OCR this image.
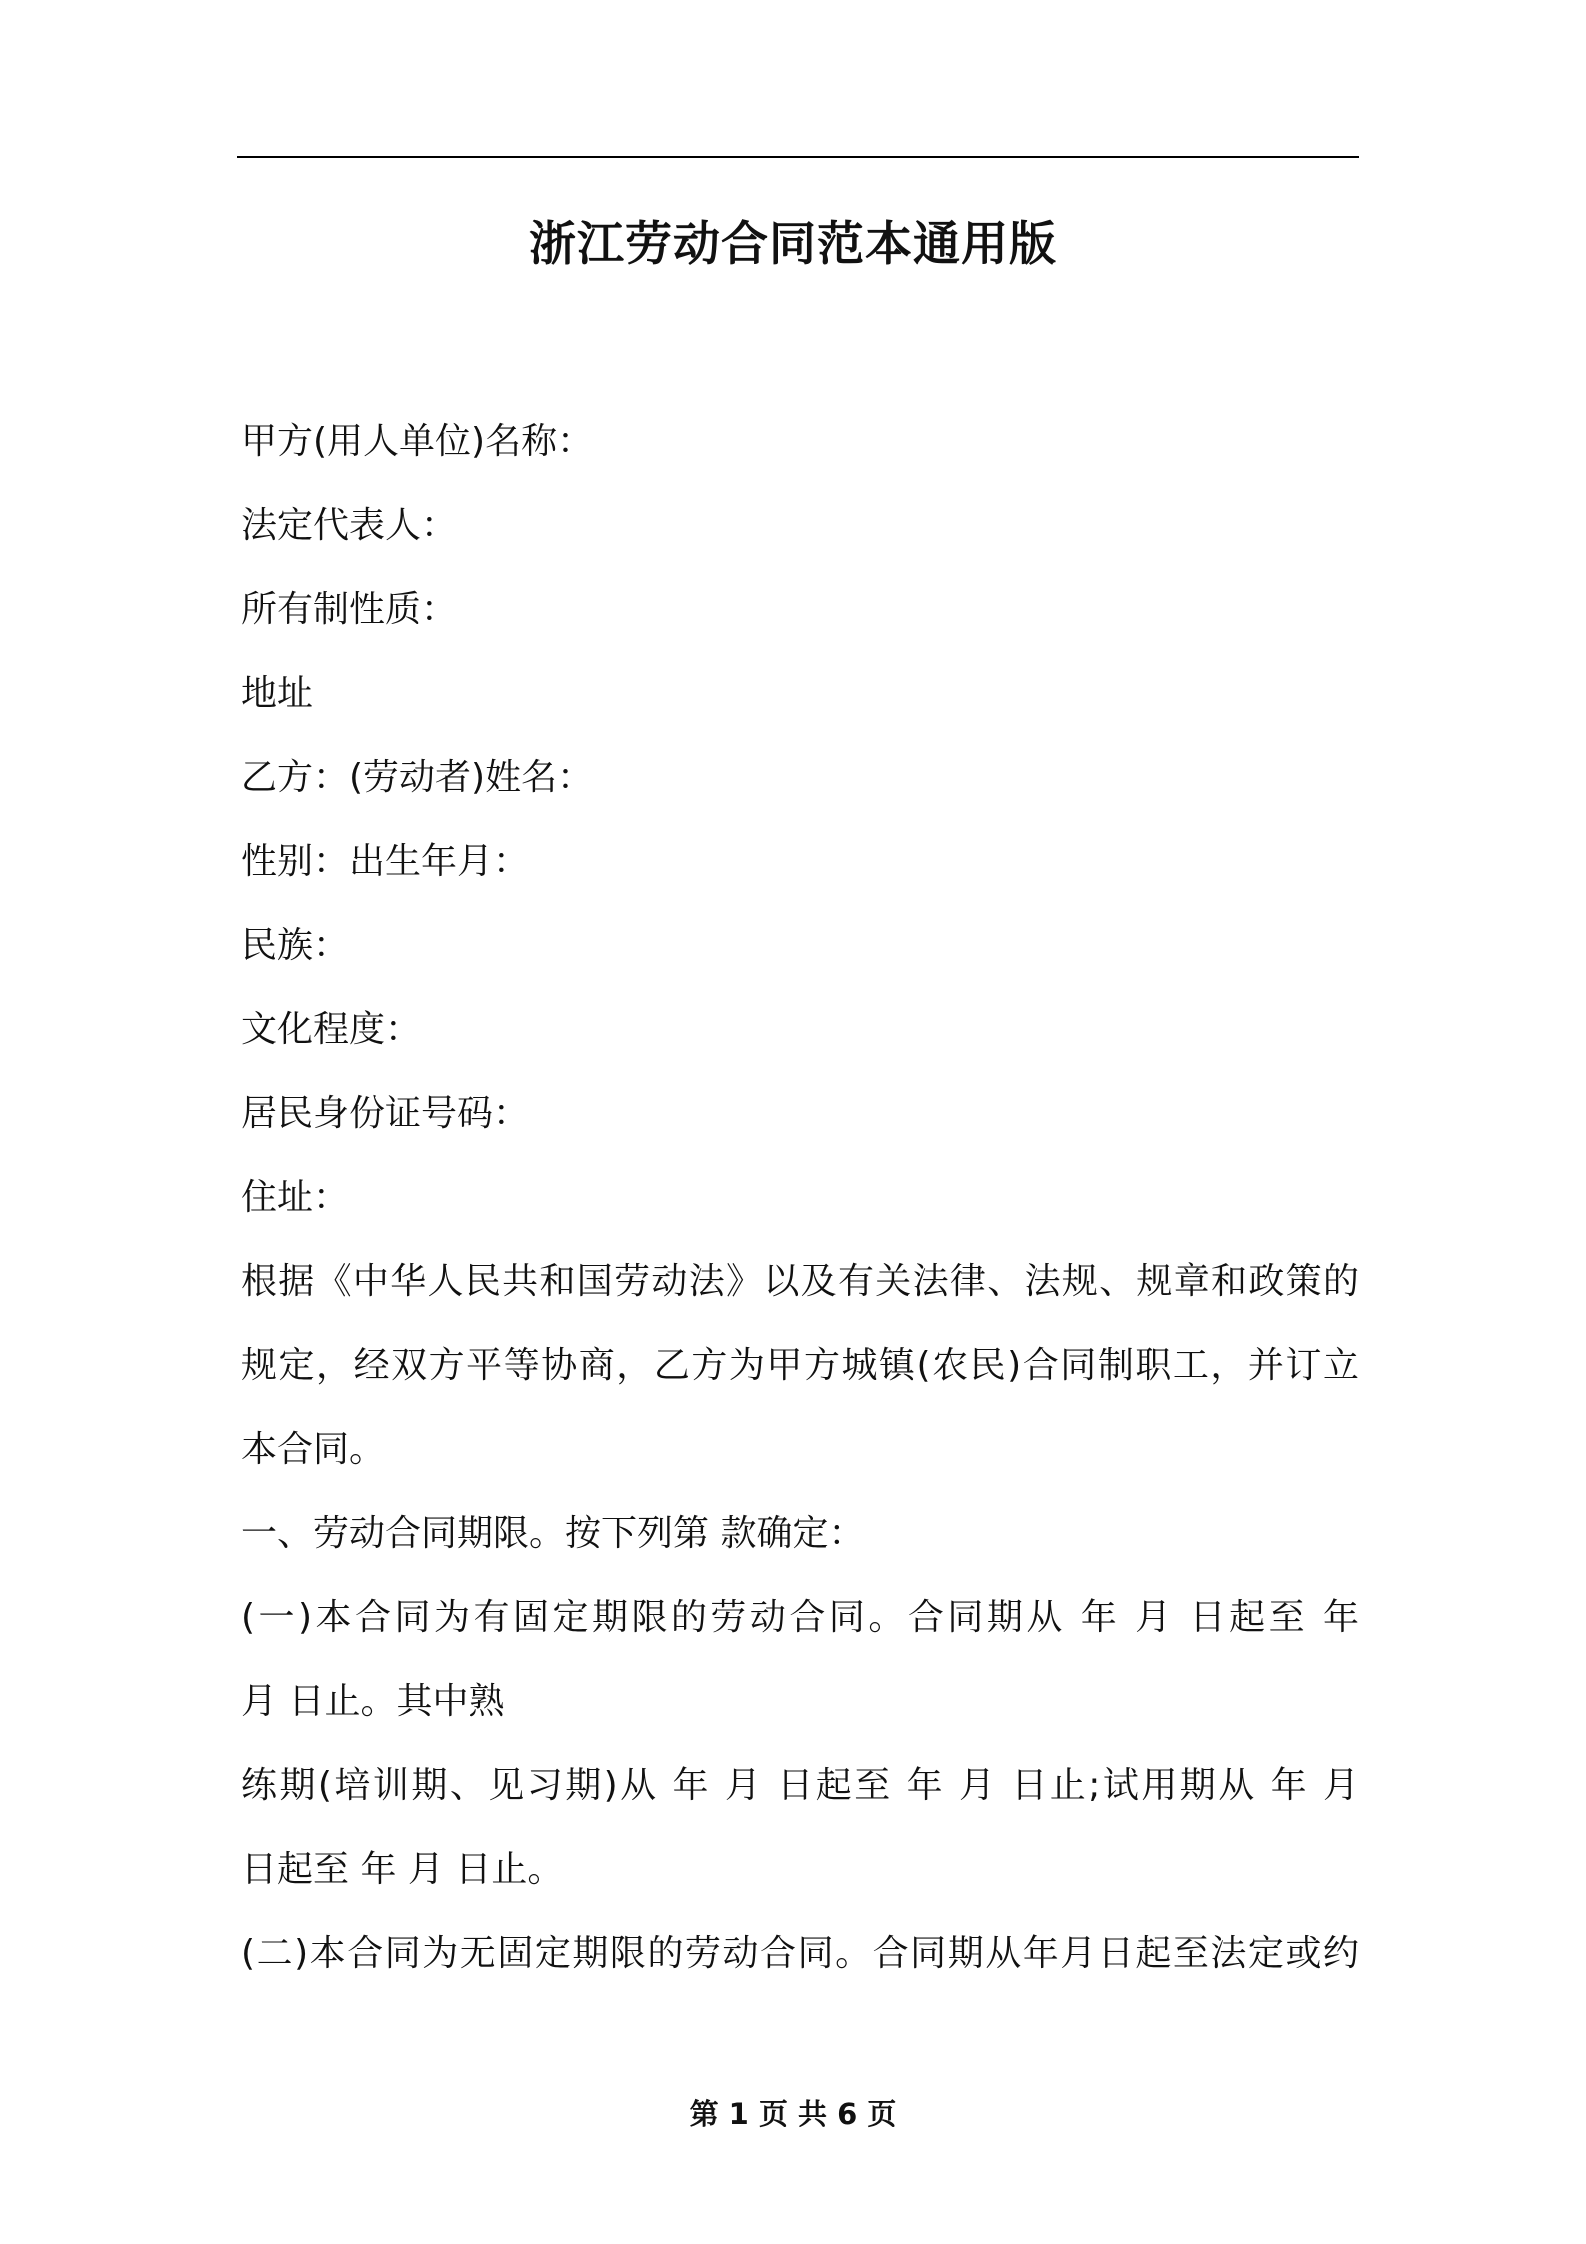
浙江劳动合同范本通用版
甲方(用人单位)名称：
法定代表人：
所有制性质：
地址
乙方：(劳动者)姓名：
性别：出生年月：
民族：
文化程度：
居民身份证号码：
住址：
根据《中华人民共和国劳动法》以及有关法律、法规、规章和政策的
规定，经双方平等协商，乙方为甲方城镇(农民)合同制职工，并订立
本合同。
一、劳动合同期限。按下列第 款确定：
(一)本合同为有固定期限的劳动合同。合同期从 年 月 日起至 年
月 日止。其中熟
练期(培训期、见习期)从 年 月 日起至 年 月 日止;试用期从 年 月
日起至 年 月 日止。
(二)本合同为无固定期限的劳动合同。合同期从年月日起至法定或约
第 1 页 共 6 页
